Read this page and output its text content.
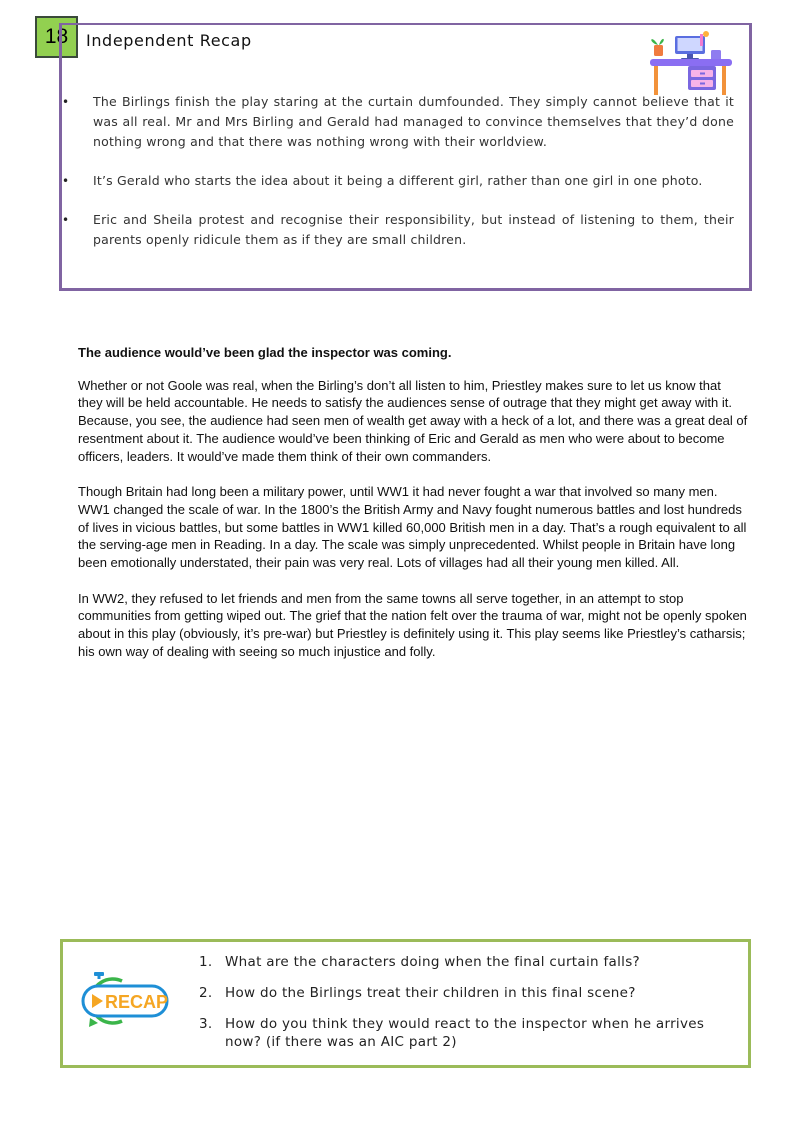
18	Independent Recap
• The Birlings finish the play staring at the curtain dumfounded. They simply cannot believe that it was all real. Mr and Mrs Birling and Gerald had managed to convince themselves that they’d done nothing wrong and that there was nothing wrong with their worldview.
• It’s Gerald who starts the idea about it being a different girl, rather than one girl in one photo.
• Eric and Sheila protest and recognise their responsibility, but instead of listening to them, their parents openly ridicule them as if they are small children.
The audience would’ve been glad the inspector was coming.

Whether or not Goole was real, when the Birling’s don’t all listen to him, Priestley makes sure to let us know that they will be held accountable. He needs to satisfy the audiences sense of outrage that they might get away with it. Because, you see, the audience had seen men of wealth get away with a heck of a lot, and there was a great deal of resentment about it. The audience would’ve been thinking of Eric and Gerald as men who were about to become officers, leaders. It would’ve made them think of their own commanders.

Though Britain had long been a military power, until WW1 it had never fought a war that involved so many men. WW1 changed the scale of war. In the 1800’s the British Army and Navy fought numerous battles and lost hundreds of lives in vicious battles, but some battles in WW1 killed 60,000 British men in a day. That’s a rough equivalent to all the serving-age men in Reading. In a day. The scale was simply unprecedented. Whilst people in Britain have long been emotionally understated, their pain was very real. Lots of villages had all their young men killed. All.

In WW2, they refused to let friends and men from the same towns all serve together, in an attempt to stop communities from getting wiped out. The grief that the nation felt over the trauma of war, might not be openly spoken about in this play (obviously, it’s pre-war) but Priestley is definitely using it. This play seems like Priestley’s catharsis; his own way of dealing with seeing so much injustice and folly.

RECAP
1. What are the characters doing when the final curtain falls?
2. How do the Birlings treat their children in this final scene?
3. How do you think they would react to the inspector when he arrives now? (if there was an AIC part 2)
